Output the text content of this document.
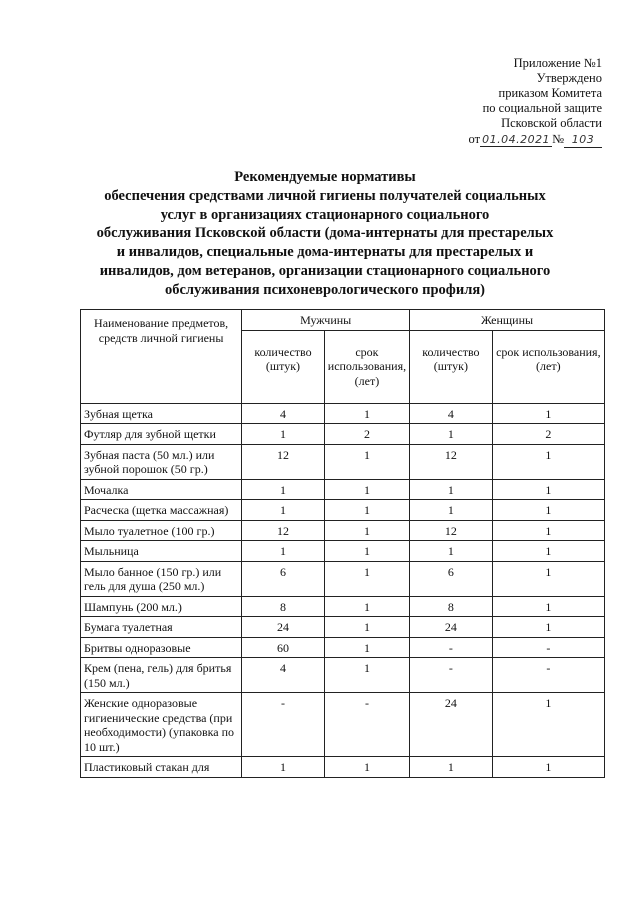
Приложение №1
Утверждено
приказом Комитета
по социальной защите
Псковской области
от 01.04.2021 № 103
Рекомендуемые нормативы
обеспечения средствами личной гигиены получателей социальных
услуг в организациях стационарного социального
обслуживания Псковской области (дома-интернаты для престарелых
и инвалидов, специальные дома-интернаты для престарелых и
инвалидов, дом ветеранов, организации стационарного социального
обслуживания психоневрологического профиля)
Наименование предметов, средств личной гигиены	Мужчины		Женщины	
	количество (штук)	срок использования, (лет)	количество (штук)	срок использования, (лет)
Зубная щетка	4	1	4	1
Футляр для зубной щетки	1	2	1	2
Зубная паста (50 мл.) или зубной порошок (50 гр.)	12	1	12	1
Мочалка	1	1	1	1
Расческа (щетка массажная)	1	1	1	1
Мыло туалетное (100 гр.)	12	1	12	1
Мыльница	1	1	1	1
Мыло банное (150 гр.) или гель для душа (250 мл.)	6	1	6	1
Шампунь (200 мл.)	8	1	8	1
Бумага туалетная	24	1	24	1
Бритвы одноразовые	60	1	-	-
Крем (пена, гель) для бритья (150 мл.)	4	1	-	-
Женские одноразовые гигиенические средства (при необходимости) (упаковка по 10 шт.)	-	-	24	1
Пластиковый стакан для	1	1	1	1
